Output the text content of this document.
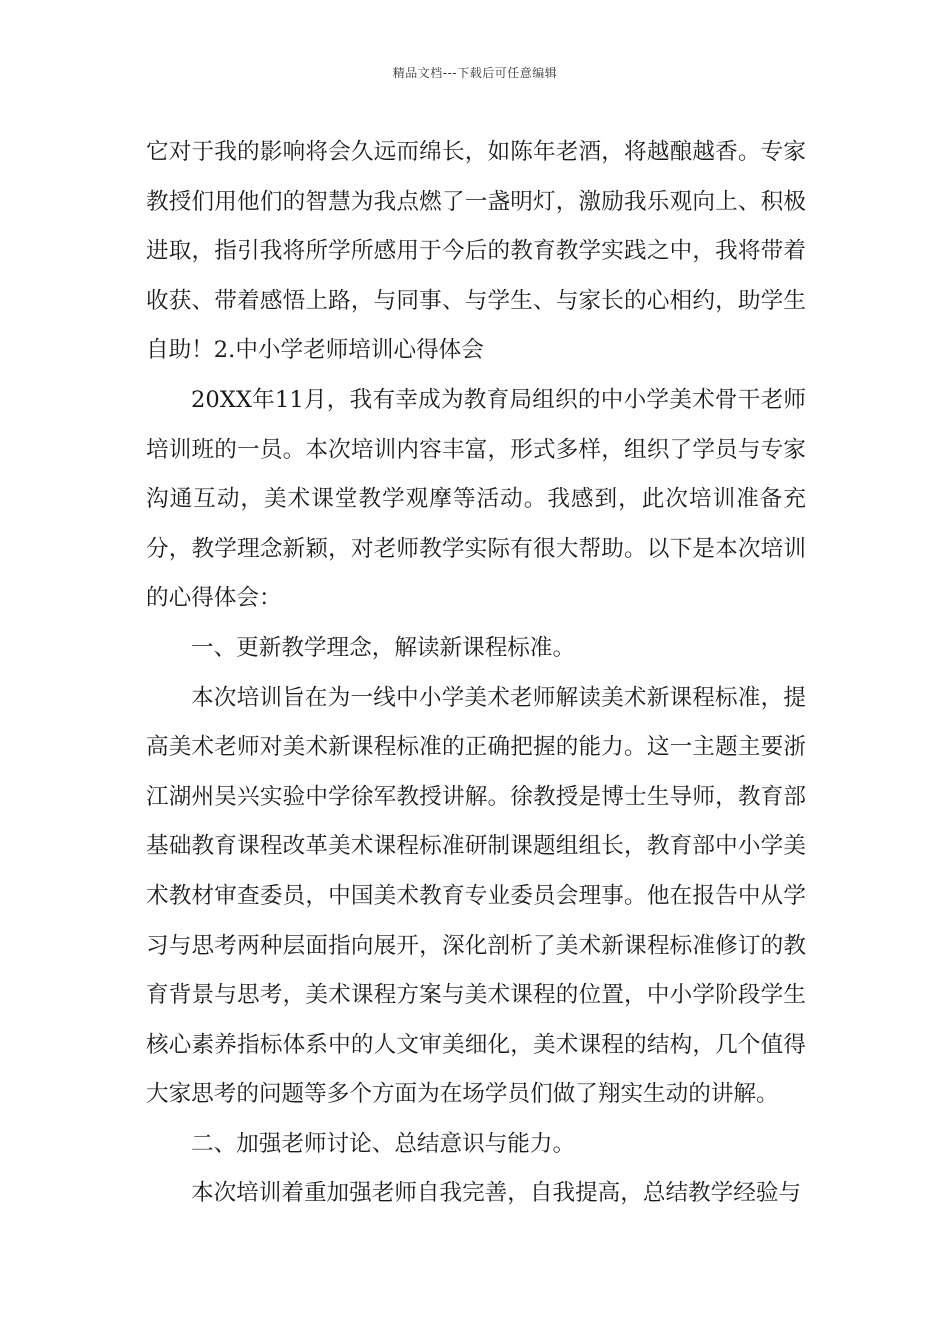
精品文档---下载后可任意编辑

它对于我的影响将会久远而绵长，如陈年老酒，将越酿越香。专家教授们用他们的智慧为我点燃了一盏明灯，激励我乐观向上、积极进取，指引我将所学所感用于今后的教育教学实践之中，我将带着收获、带着感悟上路，与同事、与学生、与家长的心相约，助学生自助！2.中小学老师培训心得体会

20XX年11月，我有幸成为教育局组织的中小学美术骨干老师培训班的一员。本次培训内容丰富，形式多样，组织了学员与专家沟通互动，美术课堂教学观摩等活动。我感到，此次培训准备充分，教学理念新颖，对老师教学实际有很大帮助。以下是本次培训的心得体会：

一、更新教学理念，解读新课程标准。

本次培训旨在为一线中小学美术老师解读美术新课程标准，提高美术老师对美术新课程标准的正确把握的能力。这一主题主要浙江湖州吴兴实验中学徐军教授讲解。徐教授是博士生导师，教育部基础教育课程改革美术课程标准研制课题组组长，教育部中小学美术教材审查委员，中国美术教育专业委员会理事。他在报告中从学习与思考两种层面指向展开，深化剖析了美术新课程标准修订的教育背景与思考，美术课程方案与美术课程的位置，中小学阶段学生核心素养指标体系中的人文审美细化，美术课程的结构，几个值得大家思考的问题等多个方面为在场学员们做了翔实生动的讲解。

二、加强老师讨论、总结意识与能力。

本次培训着重加强老师自我完善，自我提高，总结教学经验与
